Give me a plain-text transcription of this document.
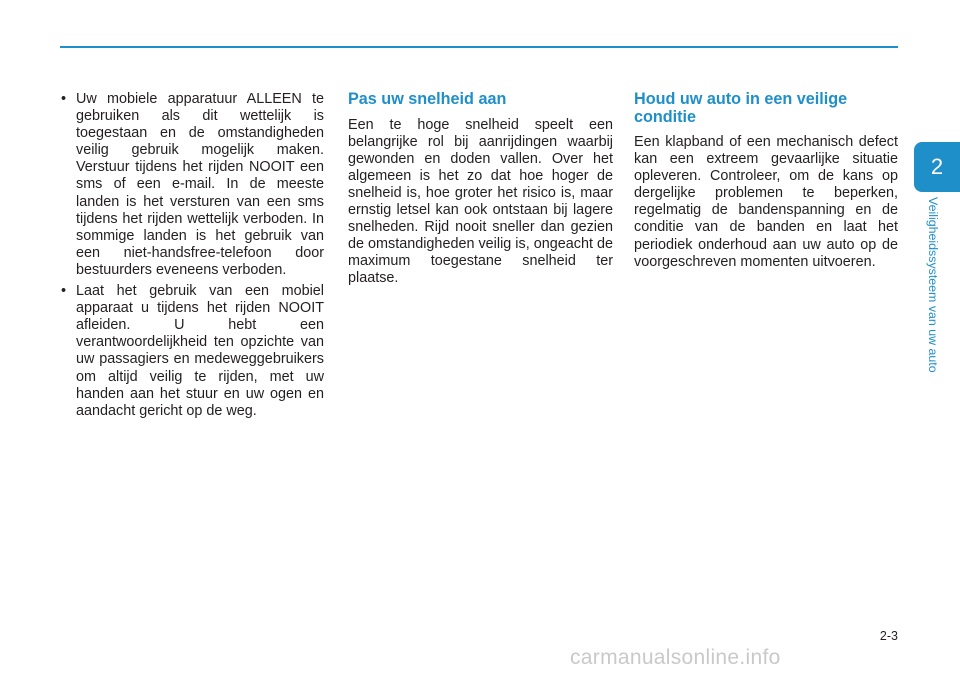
• Uw mobiele apparatuur ALLEEN te gebruiken als dit wettelijk is toegestaan en de omstandigheden veilig gebruik mogelijk maken. Verstuur tijdens het rijden NOOIT een sms of een e-mail. In de meeste landen is het versturen van een sms tijdens het rijden wettelijk verboden. In sommige landen is het gebruik van een niet-handsfree-telefoon door bestuurders eveneens verboden.
• Laat het gebruik van een mobiel apparaat u tijdens het rijden NOOIT afleiden. U hebt een verantwoordelijkheid ten opzichte van uw passagiers en medeweggebruikers om altijd veilig te rijden, met uw handen aan het stuur en uw ogen en aandacht gericht op de weg.
Pas uw snelheid aan

Een te hoge snelheid speelt een belangrijke rol bij aanrijdingen waarbij gewonden en doden vallen. Over het algemeen is het zo dat hoe hoger de snelheid is, hoe groter het risico is, maar ernstig letsel kan ook ontstaan bij lagere snelheden. Rijd nooit sneller dan gezien de omstandigheden veilig is, ongeacht de maximum toegestane snelheid ter plaatse.

Houd uw auto in een veilige conditie

Een klapband of een mechanisch defect kan een extreem gevaarlijke situatie opleveren. Controleer, om de kans op dergelijke problemen te beperken, regelmatig de bandenspanning en de conditie van de banden en laat het periodiek onderhoud aan uw auto op de voorgeschreven momenten uitvoeren.

2
Veiligheidssysteem van uw auto
2-3
carmanualsonline.info
